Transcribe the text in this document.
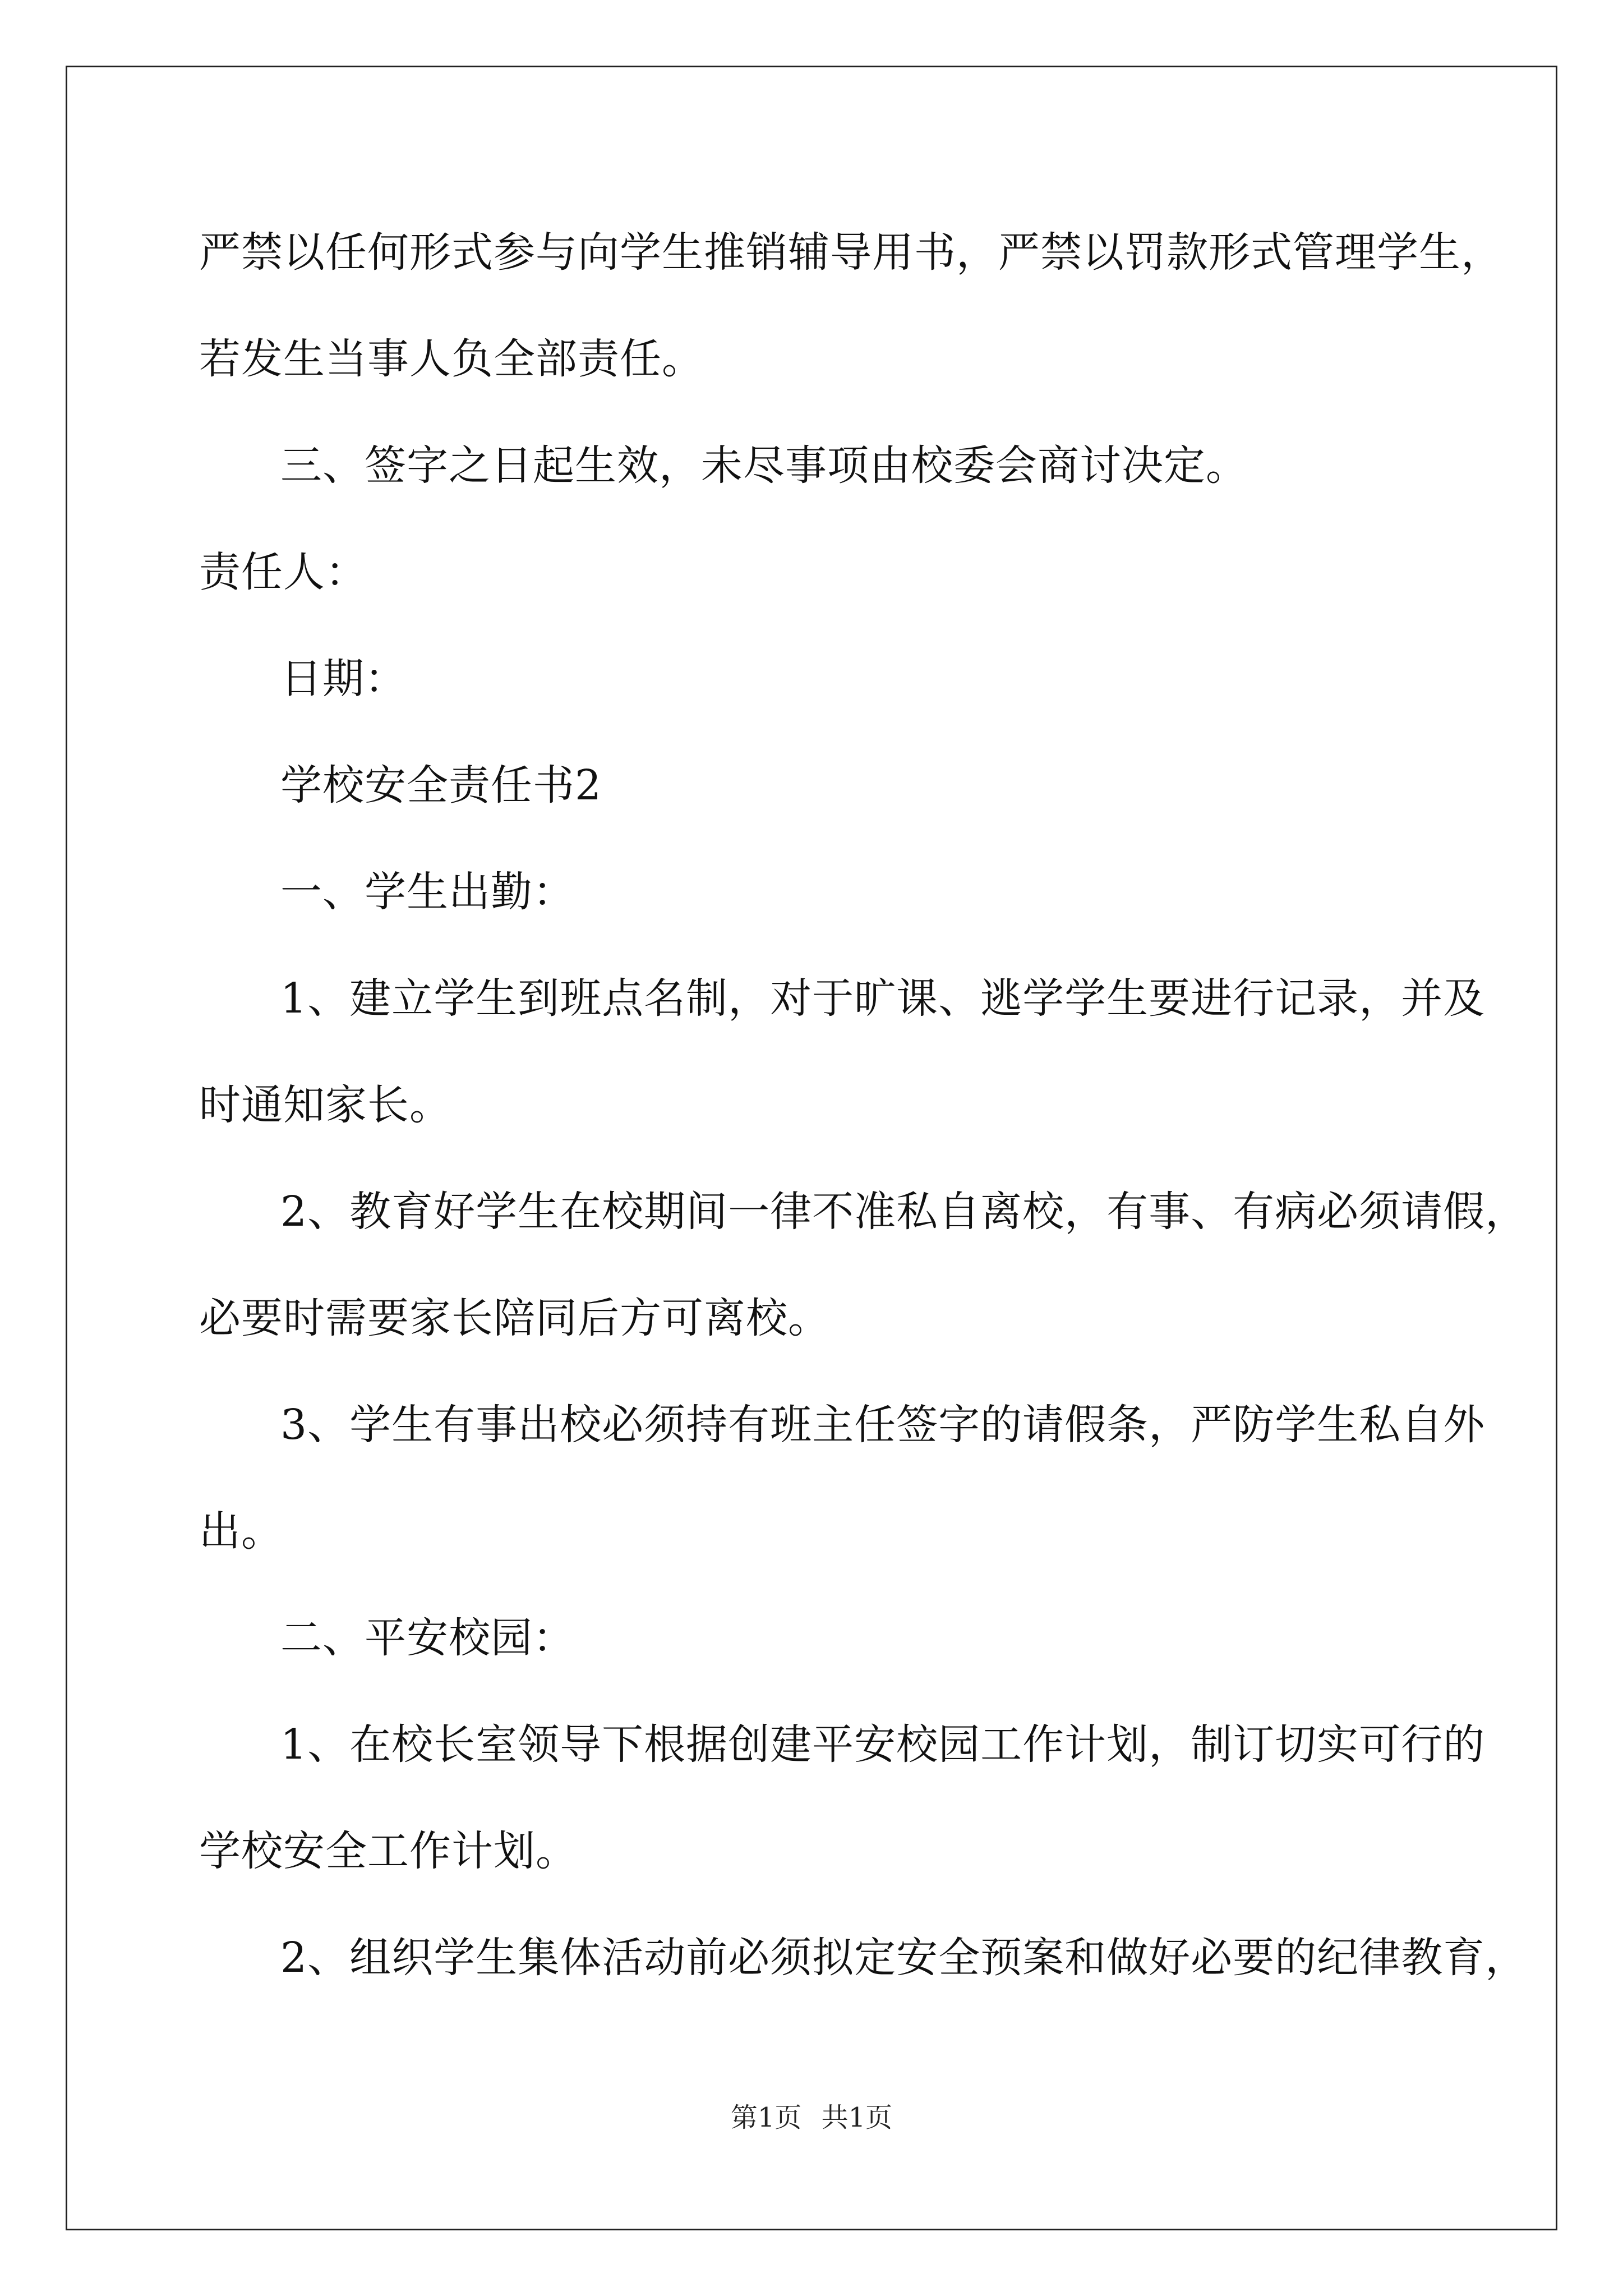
严禁以任何形式参与向学生推销辅导用书，严禁以罚款形式管理学生，
若发生当事人负全部责任。
三、签字之日起生效，未尽事项由校委会商讨决定。
责任人：
日期：
学校安全责任书2
一、学生出勤：
1、建立学生到班点名制，对于旷课、逃学学生要进行记录，并及
时通知家长。
2、教育好学生在校期间一律不准私自离校，有事、有病必须请假，
必要时需要家长陪同后方可离校。
3、学生有事出校必须持有班主任签字的请假条，严防学生私自外
出。
二、平安校园：
1、在校长室领导下根据创建平安校园工作计划，制订切实可行的
学校安全工作计划。
2、组织学生集体活动前必须拟定安全预案和做好必要的纪律教育，
第1页 共1页
